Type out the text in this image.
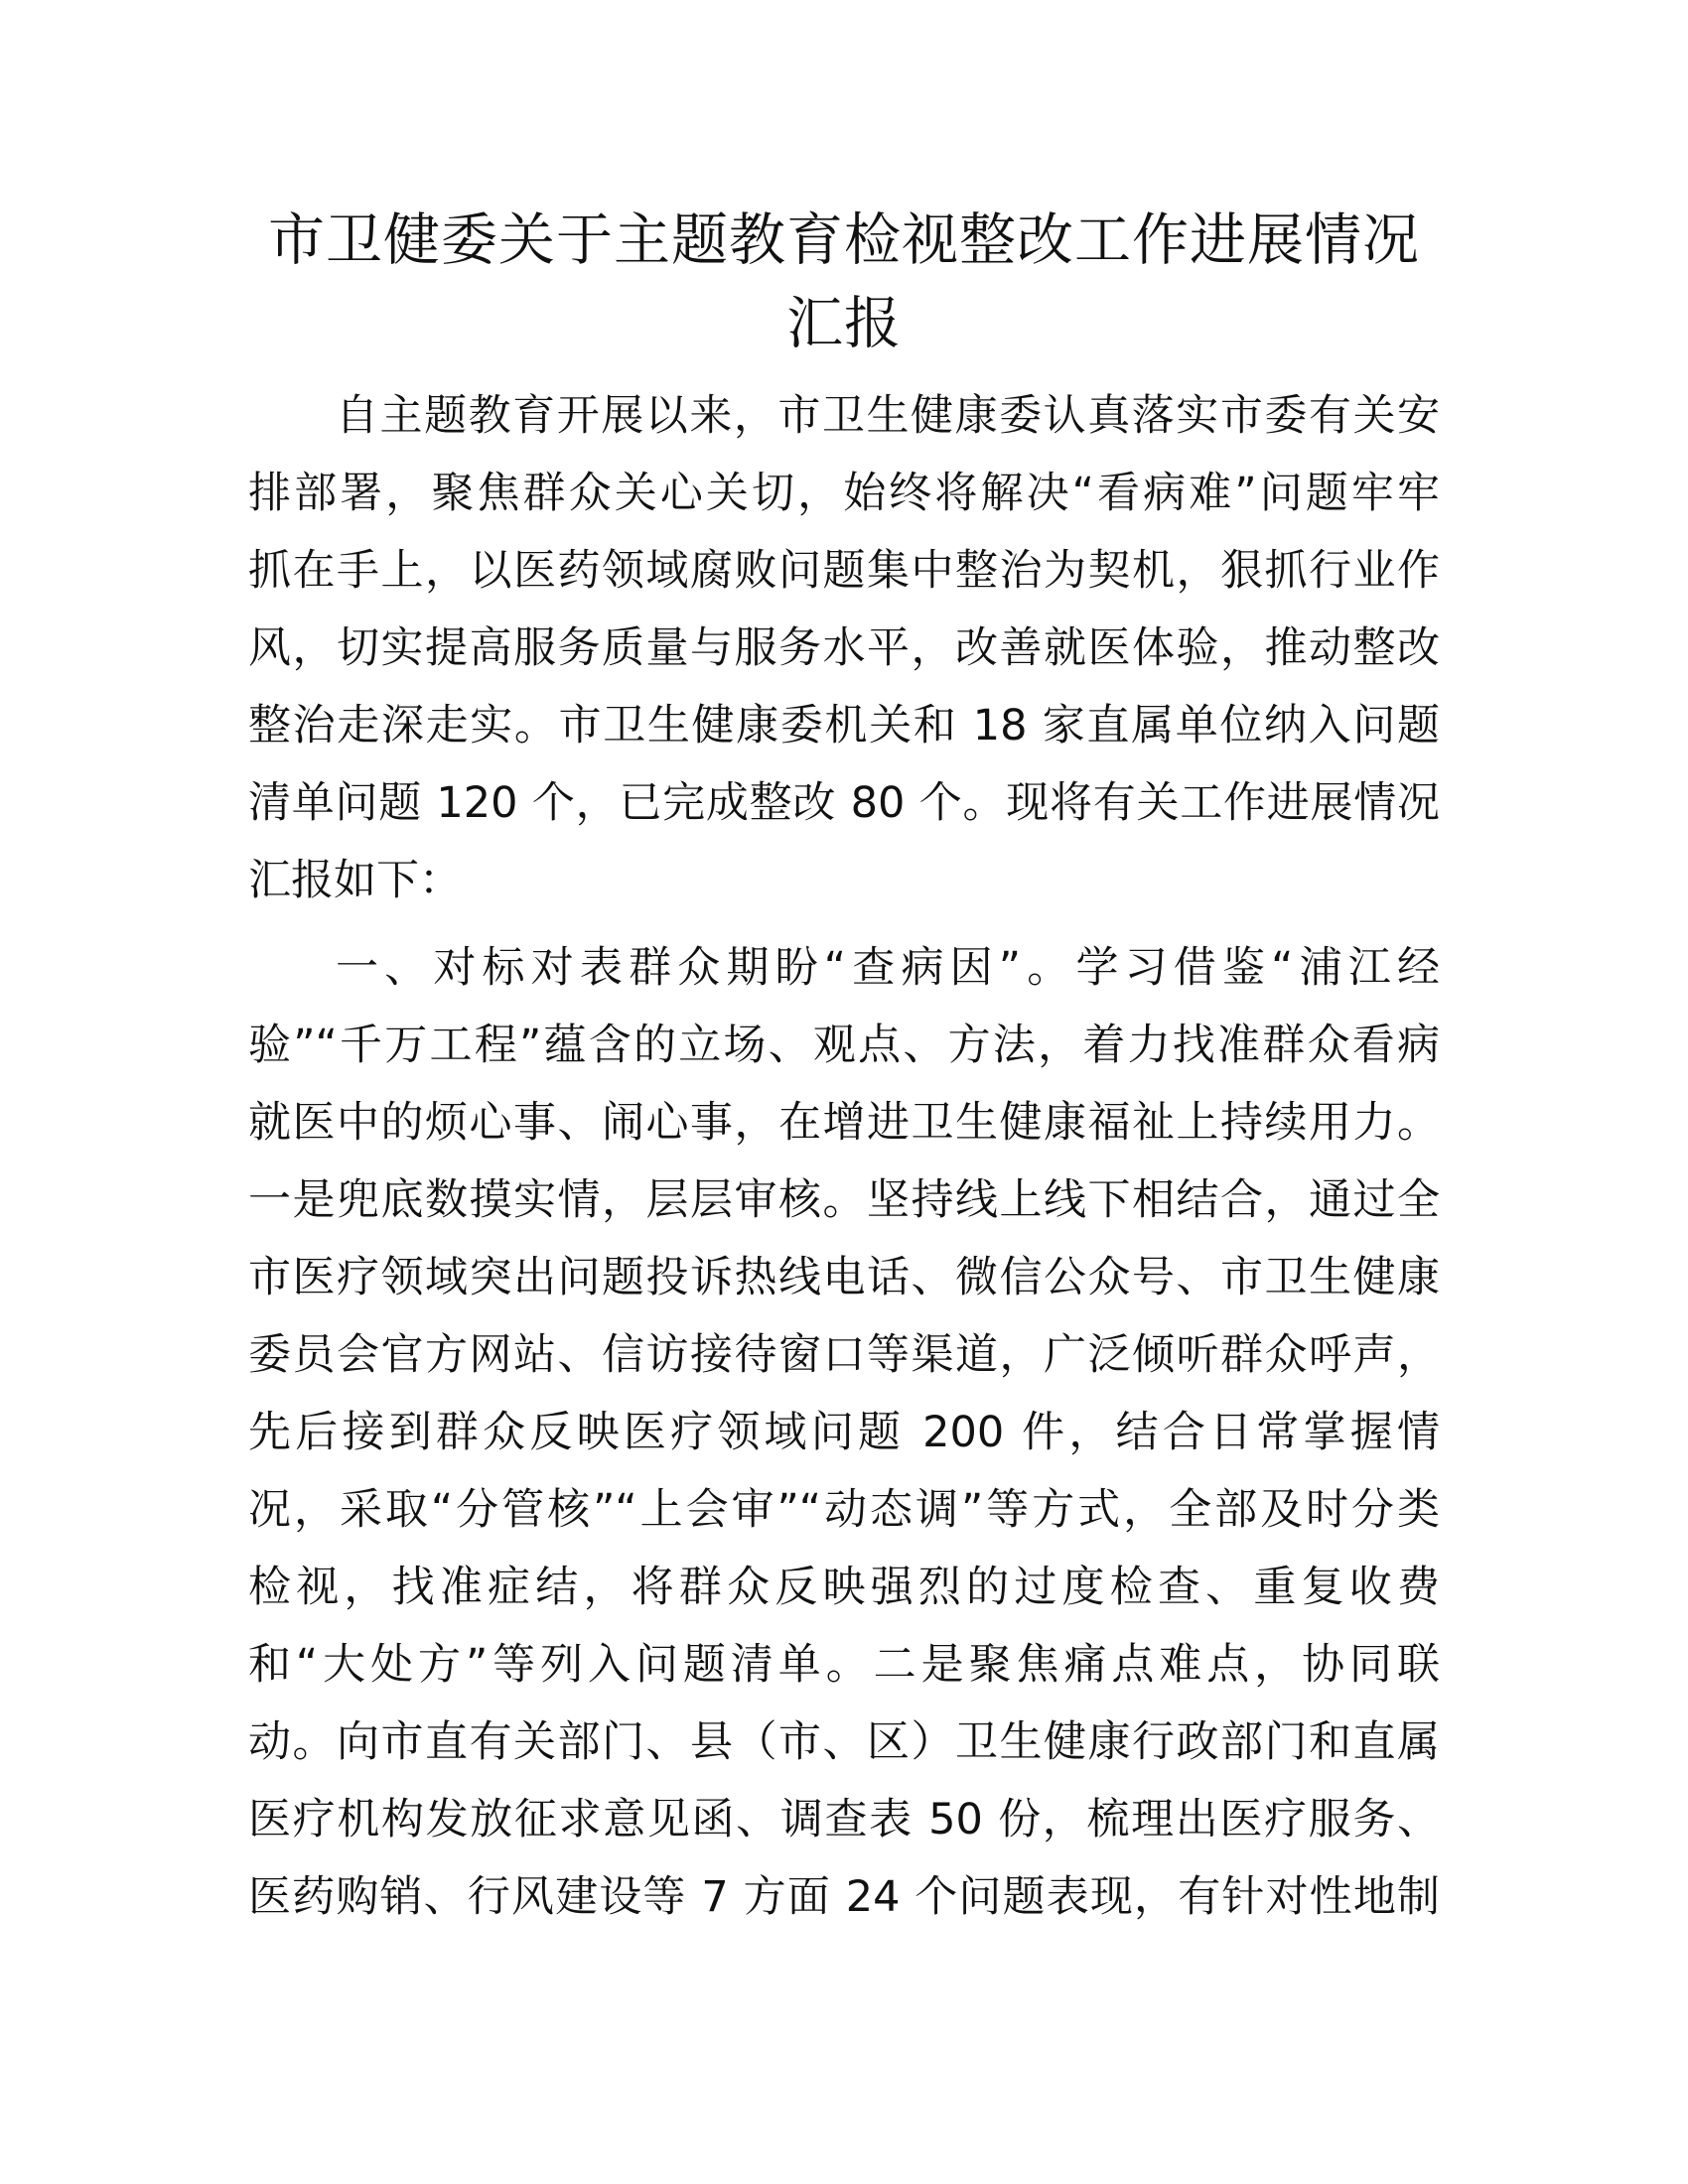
市卫健委关于主题教育检视整改工作进展情况
汇报
自主题教育开展以来，市卫生健康委认真落实市委有关安
排部署，聚焦群众关心关切，始终将解决“看病难”问题牢牢
抓在手上，以医药领域腐败问题集中整治为契机，狠抓行业作
风，切实提高服务质量与服务水平，改善就医体验，推动整改
整治走深走实。市卫生健康委机关和 18 家直属单位纳入问题
清单问题 120 个，已完成整改 80 个。现将有关工作进展情况
汇报如下：
一、对标对表群众期盼“查病因”。学习借鉴“浦江经
验”“千万工程”蕴含的立场、观点、方法，着力找准群众看病
就医中的烦心事、闹心事，在增进卫生健康福祉上持续用力。
一是兜底数摸实情，层层审核。坚持线上线下相结合，通过全
市医疗领域突出问题投诉热线电话、微信公众号、市卫生健康
委员会官方网站、信访接待窗口等渠道，广泛倾听群众呼声，
先后接到群众反映医疗领域问题 200 件，结合日常掌握情
况，采取“分管核”“上会审”“动态调”等方式，全部及时分类
检视，找准症结，将群众反映强烈的过度检查、重复收费
和“大处方”等列入问题清单。二是聚焦痛点难点，协同联
动。向市直有关部门、县（市、区）卫生健康行政部门和直属
医疗机构发放征求意见函、调查表 50 份，梳理出医疗服务、
医药购销、行风建设等 7 方面 24 个问题表现，有针对性地制
